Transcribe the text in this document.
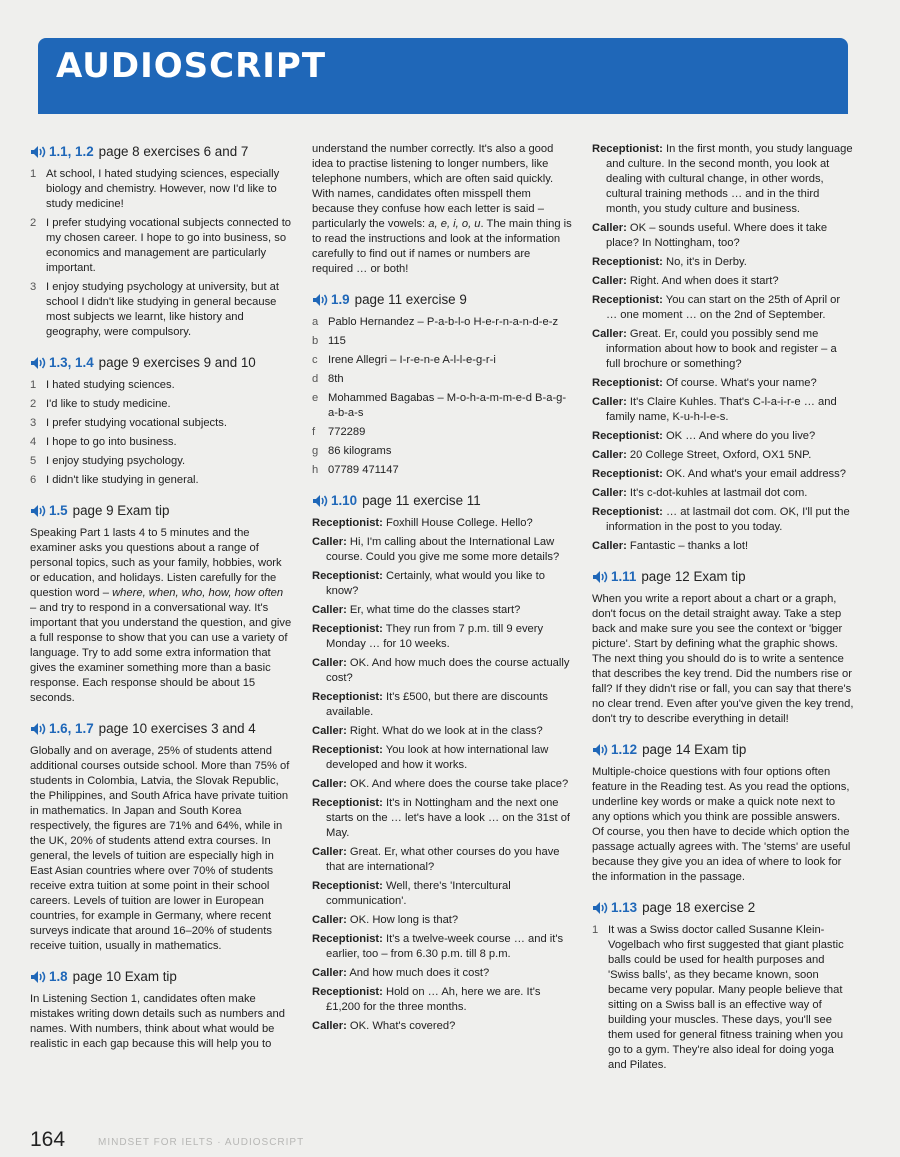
AUDIOSCRIPT
1.1, 1.2 page 8 exercises 6 and 7
1 At school, I hated studying sciences, especially biology and chemistry. However, now I'd like to study medicine!
2 I prefer studying vocational subjects connected to my chosen career. I hope to go into business, so economics and management are particularly important.
3 I enjoy studying psychology at university, but at school I didn't like studying in general because most subjects we learnt, like history and geography, were compulsory.
1.3, 1.4 page 9 exercises 9 and 10
1 I hated studying sciences.
2 I'd like to study medicine.
3 I prefer studying vocational subjects.
4 I hope to go into business.
5 I enjoy studying psychology.
6 I didn't like studying in general.
1.5 page 9 Exam tip

Speaking Part 1 lasts 4 to 5 minutes and the examiner asks you questions about a range of personal topics, such as your family, hobbies, work or education, and holidays. Listen carefully for the question word – where, when, who, how, how often – and try to respond in a conversational way. It's important that you understand the question, and give a full response to show that you can use a variety of language. Try to add some extra information that gives the examiner something more than a basic response. Each response should be about 15 seconds.

1.6, 1.7 page 10 exercises 3 and 4

Globally and on average, 25% of students attend additional courses outside school. More than 75% of students in Colombia, Latvia, the Slovak Republic, the Philippines, and South Africa have private tuition in mathematics. In Japan and South Korea respectively, the figures are 71% and 64%, while in the UK, 20% of students attend extra courses. In general, the levels of tuition are especially high in East Asian countries where over 70% of students receive extra tuition at some point in their school careers. Levels of tuition are lower in European countries, for example in Germany, where recent surveys indicate that around 16–20% of students receive tuition, usually in mathematics.

1.8 page 10 Exam tip

In Listening Section 1, candidates often make mistakes writing down details such as numbers and names. With numbers, think about what would be realistic in each gap because this will help you to

understand the number correctly. It's also a good idea to practise listening to longer numbers, like telephone numbers, which are often said quickly. With names, candidates often misspell them because they confuse how each letter is said – particularly the vowels: a, e, i, o, u. The main thing is to read the instructions and look at the information carefully to find out if names or numbers are required … or both!

1.9 page 11 exercise 9
a Pablo Hernandez – P-a-b-l-o H-e-r-n-a-n-d-e-z
b 115
c Irene Allegri – I-r-e-n-e A-l-l-e-g-r-i
d 8th
e Mohammed Bagabas – M-o-h-a-m-m-e-d B-a-g-a-b-a-s
f	772289
g 86 kilograms
h 07789 471147
1.10 page 11 exercise 11

Receptionist: Foxhill House College. Hello?

Caller: Hi, I'm calling about the International Law course. Could you give me some more details?

Receptionist: Certainly, what would you like to know?

Caller: Er, what time do the classes start?

Receptionist: They run from 7 p.m. till 9 every Monday … for 10 weeks.

Caller: OK. And how much does the course actually cost?

Receptionist: It's £500, but there are discounts available.

Caller: Right. What do we look at in the class?

Receptionist: You look at how international law developed and how it works.

Caller: OK. And where does the course take place?

Receptionist: It's in Nottingham and the next one starts on the … let's have a look … on the 31st of May.

Caller: Great. Er, what other courses do you have that are international?

Receptionist: Well, there's 'Intercultural communication'.

Caller: OK. How long is that?

Receptionist: It's a twelve-week course … and it's earlier, too – from 6.30 p.m. till 8 p.m.

Caller: And how much does it cost?

Receptionist: Hold on … Ah, here we are. It's £1,200 for the three months.

Caller: OK. What's covered?

Receptionist: In the first month, you study language and culture. In the second month, you look at dealing with cultural change, in other words, cultural training methods … and in the third month, you study culture and business.

Caller: OK – sounds useful. Where does it take place? In Nottingham, too?

Receptionist: No, it's in Derby.

Caller: Right. And when does it start?

Receptionist: You can start on the 25th of April or … one moment … on the 2nd of September.

Caller: Great. Er, could you possibly send me information about how to book and register – a full brochure or something?

Receptionist: Of course. What's your name?

Caller: It's Claire Kuhles. That's C-l-a-i-r-e … and family name, K-u-h-l-e-s.

Receptionist: OK … And where do you live?

Caller: 20 College Street, Oxford, OX1 5NP.

Receptionist: OK. And what's your email address?

Caller: It's c-dot-kuhles at lastmail dot com.

Receptionist: … at lastmail dot com. OK, I'll put the information in the post to you today.

Caller: Fantastic – thanks a lot!

1.11 page 12 Exam tip

When you write a report about a chart or a graph, don't focus on the detail straight away. Take a step back and make sure you see the context or 'bigger picture'. Start by defining what the graphic shows. The next thing you should do is to write a sentence that describes the key trend. Did the numbers rise or fall? If they didn't rise or fall, you can say that there's no clear trend. Even after you've given the key trend, don't try to describe everything in detail!

1.12 page 14 Exam tip

Multiple-choice questions with four options often feature in the Reading test. As you read the options, underline key words or make a quick note next to any options which you think are possible answers. Of course, you then have to decide which option the passage actually agrees with. The 'stems' are useful because they give you an idea of where to look for the information in the passage.

1.13 page 18 exercise 2
1 It was a Swiss doctor called Susanne Klein-Vogelbach who first suggested that giant plastic balls could be used for health purposes and 'Swiss balls', as they became known, soon became very popular. Many people believe that sitting on a Swiss ball is an effective way of building your muscles. These days, you'll see them used for general fitness training when you go to a gym. They're also ideal for doing yoga and Pilates.
164	MINDSET FOR IELTS · AUDIOSCRIPT
